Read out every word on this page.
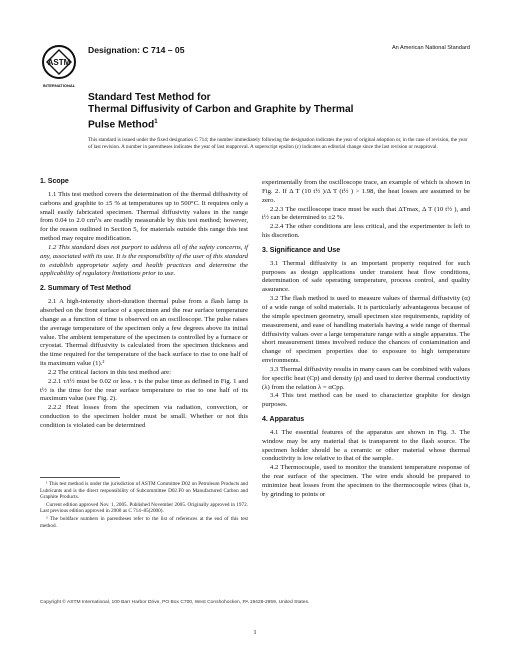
ASTM
INTERNATIONAL
Designation: C 714 – 05	An American National Standard
Standard Test Method for
Thermal Diffusivity of Carbon and Graphite by Thermal
Pulse Method$^1$
This standard is issued under the fixed designation C 714; the number immediately following the designation indicates the year of original adoption or, in the case of revision, the year of last revision. A number in parentheses indicates the year of last reapproval. A superscript epsilon (ε) indicates an editorial change since the last revision or reapproval.
1. Scope

1.1 This test method covers the determination of the thermal diffusivity of carbons and graphite to ±5 % at temperatures up to 500°C. It requires only a small easily fabricated specimen. Thermal diffusivity values in the range from 0.04 to 2.0 cm²/s are readily measurable by this test method; however, for the reason outlined in Section 5, for materials outside this range this test method may require modification.

1.2 This standard does not purport to address all of the safety concerns, if any, associated with its use. It is the responsibility of the user of this standard to establish appropriate safety and health practices and determine the applicability of regulatory limitations prior to use.

2. Summary of Test Method

2.1 A high-intensity short-duration thermal pulse from a flash lamp is absorbed on the front surface of a specimen and the rear surface temperature change as a function of time is observed on an oscilloscope. The pulse raises the average temperature of the specimen only a few degrees above its initial value. The ambient temperature of the specimen is controlled by a furnace or cryostat. Thermal diffusivity is calculated from the specimen thickness and the time required for the temperature of the back surface to rise to one half of its maximum value (1).²

2.2 The critical factors in this test method are:

2.2.1 τ/t½ must be 0.02 or less. τ is the pulse time as defined in Fig. 1 and t½ is the time for the rear surface temperature to rise to one half of its maximum value (see Fig. 2).

2.2.2 Heat losses from the specimen via radiation, convection, or conduction to the specimen holder must be small. Whether or not this condition is violated can be determined

¹ This test method is under the jurisdiction of ASTM Committee D02 on Petroleum Products and Lubricants and is the direct responsibility of Subcommittee D02.F0 on Manufactured Carbon and Graphite Products.

Current edition approved Nov. 1, 2005. Published November 2005. Originally approved in 1972. Last previous edition approved in 2000 as C 714–85(2000).

² The boldface numbers in parentheses refer to the list of references at the end of this test method.

experimentally from the oscilloscope trace, an example of which is shown in Fig. 2. If Δ T (10 t½ )/Δ T (t½ ) > 1.98, the heat losses are assumed to be zero.

2.2.3 The oscilloscope trace must be such that ΔTmax, Δ T (10 t½ ), and t½ can be determined to ±2 %.

2.2.4 The other conditions are less critical, and the experimenter is left to his discretion.

3. Significance and Use

3.1 Thermal diffusivity is an important property required for such purposes as design applications under transient heat flow conditions, determination of safe operating temperature, process control, and quality assurance.

3.2 The flash method is used to measure values of thermal diffusivity (α) of a wide range of solid materials. It is particularly advantageous because of the simple specimen geometry, small specimen size requirements, rapidity of measurement, and ease of handling materials having a wide range of thermal diffusivity values over a large temperature range with a single apparatus. The short measurement times involved reduce the chances of contamination and change of specimen properties due to exposure to high temperature environments.

3.3 Thermal diffusivity results in many cases can be combined with values for specific heat (Cp) and density (ρ) and used to derive thermal conductivity (λ) from the relation λ = αCpρ.

3.4 This test method can be used to characterize graphite for design purposes.

4. Apparatus

4.1 The essential features of the apparatus are shown in Fig. 3. The window may be any material that is transparent to the flash source. The specimen holder should be a ceramic or other material whose thermal conductivity is low relative to that of the sample.

4.2 Thermocouple, used to monitor the transient temperature response of the rear surface of the specimen. The wire ends should be prepared to minimize heat losses from the specimen to the thermocouple wires (that is, by grinding to points or

Copyright © ASTM International, 100 Barr Harbor Drive, PO Box C700, West Conshohocken, PA 19428-2959, United States.
1
